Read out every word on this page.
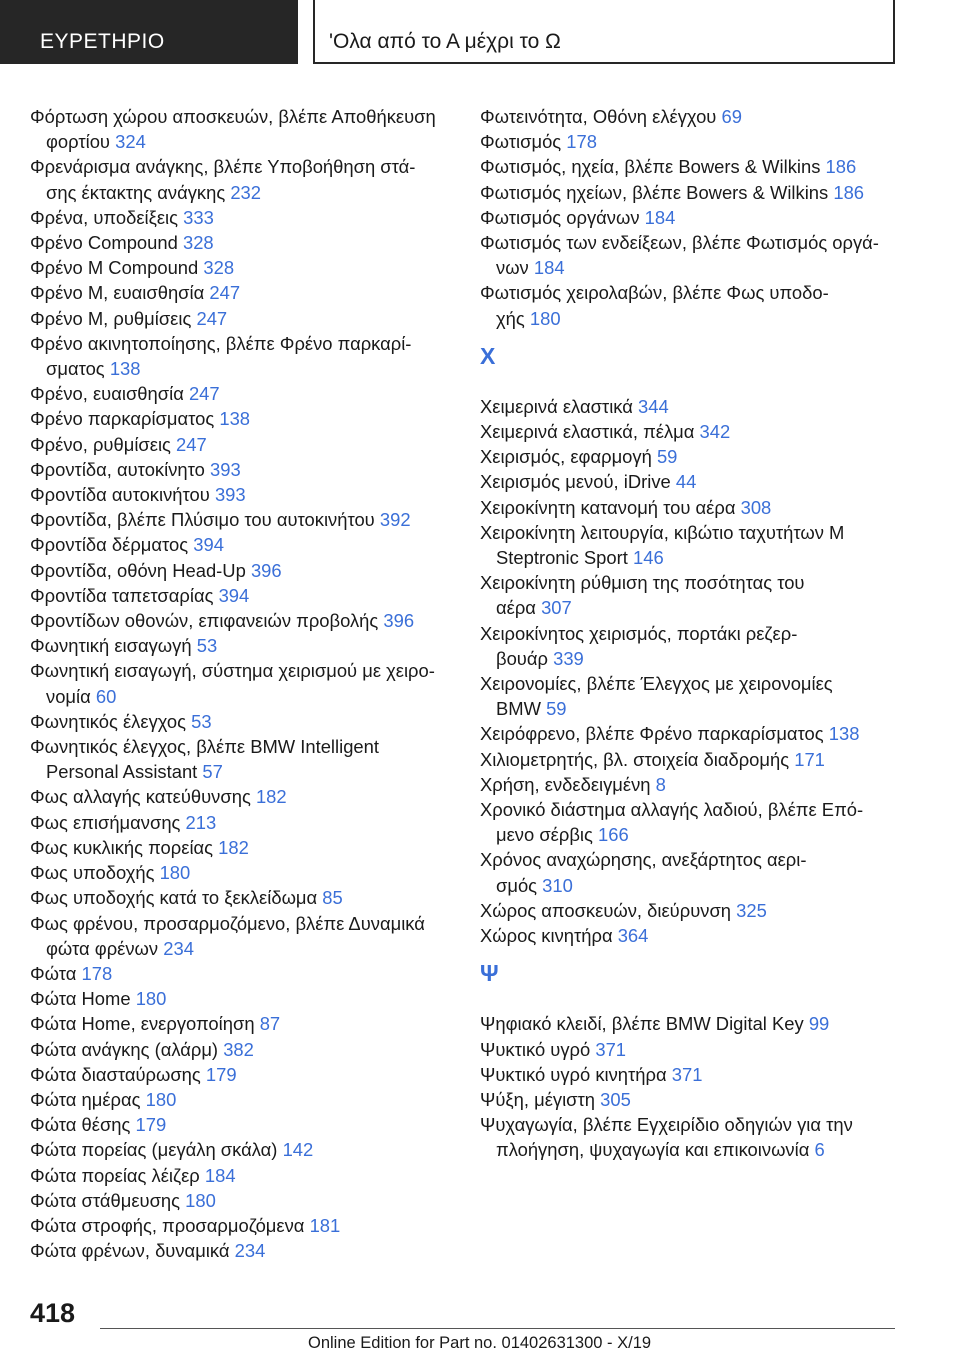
ΕΥΡΕΤΗΡΙΟ	'Ολα από το Α μέχρι το Ω
Φόρτωση χώρου αποσκευών, βλέπε Αποθήκευση
φορτίου 324
Φρενάρισμα ανάγκης, βλέπε Υποβοήθηση στά-
σης έκτακτης ανάγκης 232
Φρένα, υποδείξεις 333
Φρένο Compound 328
Φρένο M Compound 328
Φρένο M, ευαισθησία 247
Φρένο M, ρυθμίσεις 247
Φρένο ακινητοποίησης, βλέπε Φρένο παρκαρί-
σματος 138
Φρένο, ευαισθησία 247
Φρένο παρκαρίσματος 138
Φρένο, ρυθμίσεις 247
Φροντίδα, αυτοκίνητο 393
Φροντίδα αυτοκινήτου 393
Φροντίδα, βλέπε Πλύσιμο του αυτοκινήτου 392
Φροντίδα δέρματος 394
Φροντίδα, οθόνη Head-Up 396
Φροντίδα ταπετσαρίας 394
Φροντίδων οθονών, επιφανειών προβολής 396
Φωνητική εισαγωγή 53
Φωνητική εισαγωγή, σύστημα χειρισμού με χειρο-
νομία 60
Φωνητικός έλεγχος 53
Φωνητικός έλεγχος, βλέπε BMW Intelligent
Personal Assistant 57
Φως αλλαγής κατεύθυνσης 182
Φως επισήμανσης 213
Φως κυκλικής πορείας 182
Φως υποδοχής 180
Φως υποδοχής κατά το ξεκλείδωμα 85
Φως φρένου, προσαρμοζόμενο, βλέπε Δυναμικά
φώτα φρένων 234
Φώτα 178
Φώτα Home 180
Φώτα Home, ενεργοποίηση 87
Φώτα ανάγκης (αλάρμ) 382
Φώτα διασταύρωσης 179
Φώτα ημέρας 180
Φώτα θέσης 179
Φώτα πορείας (μεγάλη σκάλα) 142
Φώτα πορείας λέιζερ 184
Φώτα στάθμευσης 180
Φώτα στροφής, προσαρμοζόμενα 181
Φώτα φρένων, δυναμικά 234
Φωτεινότητα, Οθόνη ελέγχου 69
Φωτισμός 178
Φωτισμός, ηχεία, βλέπε Bowers & Wilkins 186
Φωτισμός ηχείων, βλέπε Bowers & Wilkins 186
Φωτισμός οργάνων 184
Φωτισμός των ενδείξεων, βλέπε Φωτισμός οργά-
νων 184
Φωτισμός χειρολαβών, βλέπε Φως υποδο-
χής 180
Χ
Χειμερινά ελαστικά 344
Χειμερινά ελαστικά, πέλμα 342
Χειρισμός, εφαρμογή 59
Χειρισμός μενού, iDrive 44
Χειροκίνητη κατανομή του αέρα 308
Χειροκίνητη λειτουργία, κιβώτιο ταχυτήτων M
Steptronic Sport 146
Χειροκίνητη ρύθμιση της ποσότητας του
αέρα 307
Χειροκίνητος χειρισμός, πορτάκι ρεζερ-
βουάρ 339
Χειρονομίες, βλέπε Έλεγχος με χειρονομίες
BMW 59
Χειρόφρενο, βλέπε Φρένο παρκαρίσματος 138
Χιλιομετρητής, βλ. στοιχεία διαδρομής 171
Χρήση, ενδεδειγμένη 8
Χρονικό διάστημα αλλαγής λαδιού, βλέπε Επό-
μενο σέρβις 166
Χρόνος αναχώρησης, ανεξάρτητος αερι-
σμός 310
Χώρος αποσκευών, διεύρυνση 325
Χώρος κινητήρα 364
Ψ
Ψηφιακό κλειδί, βλέπε BMW Digital Key 99
Ψυκτικό υγρό 371
Ψυκτικό υγρό κινητήρα 371
Ψύξη, μέγιστη 305
Ψυχαγωγία, βλέπε Εγχειρίδιο οδηγιών για την
πλοήγηση, ψυχαγωγία και επικοινωνία 6
418
Online Edition for Part no. 01402631300 - X/19
